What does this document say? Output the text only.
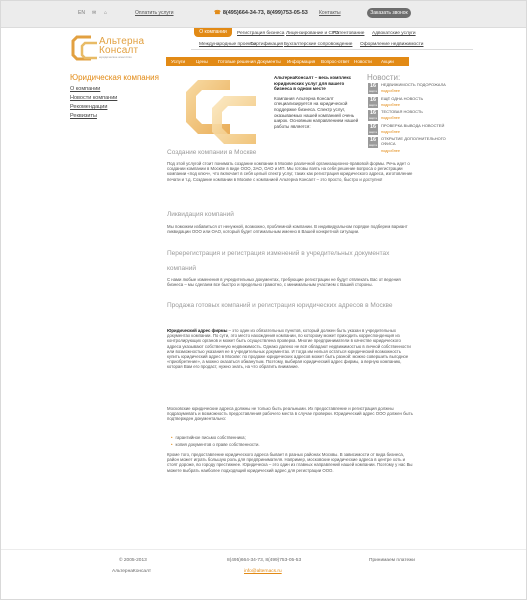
EN ✉ ⌂	Оплатить услуги	☎ 8(495)664-34-73, 8(499)753-05-53 Контакты	Заказать звонок
Альтерна
Консалт
юридическое агентство
О компании	Регистрация бизнеса Лицензирование и СРО
Патентование Адвокатские услуги
Международные проекты
Сертификация Бухгалтерские сопровождение Оформление недвижимости
Услуги Цены Готовые решения Документы Информация Вопрос-ответ Новости Акции
Юридическая компания
О компании
Новости компании
Рекомендации
Реквизиты
АльтернаКонсалт – весь комплекс юридических услуг для вашего бизнеса в одном месте
Компания Альтерна Консалт специализируется на юридической поддержке бизнеса. Спектр услуг, оказываемых нашей компанией очень широк. Основным направлением нашей работы является:
Новости:
16
марта
НЕДВИЖИМОСТЬ ПОДОРОЖАЛА
подробнее
16
марта
ЕЩЁ ОДНА НОВОСТЬ
подробнее
16
марта
ТЕСТОВАЯ НОВОСТЬ
подробнее
16
марта
ПРОВЕРКА ВЫВОДА НОВОСТЕЙ
подробнее
16
марта
ОТКРЫТИЕ ДОПОЛНИТЕЛЬНОГО ОФИСА
подробнее
Создание компании в Москве
Под этой услугой стоит понимать создание компании в Москве различной организационно-правовой формы. Речь идет о создании компании в Москве в виде ООО, ЗАО, ОАО и ИП. Мы готовы взять на себя решение вопроса о регистрации компании «под ключ», что включает в себя целый спектр услуг, таких как регистрация юридического адреса, изготовление печати и т.д. Создание компании в Москве с компанией Альтерна Консалт – это просто, быстро и доступно!
Ликвидация компаний
Мы поможем избавиться от ненужной, возможно, проблемной компании. В индивидуальном порядке подберем вариант ликвидации ООО или ОАО, который будет оптимальным именно в Вашей конкретной ситуации.
Перерегистрация и регистрация изменений в учредительных документах компаний
С нами любые изменения в учредительных документах, требующие регистрации не будут отвлекать Вас от ведения бизнеса – мы сделаем все быстро и предельно грамотно, с минимальным участием с Вашей стороны.
Продажа готовых компаний и регистрация юридических адресов в Москве
Юридический адрес фирмы – это один из обязательных пунктов, который должен быть указан в учредительных документах компании. По сути, это место нахождения компании, по которому может приходить корреспонденция из контролирующих органов и может быть осуществлена проверка. Многие предприниматели в качестве юридического адреса указывают собственную недвижимость. Однако далеко не всё обладают недвижимостью в личной собственности или возможностью указания ее в учредительных документах. И тогда им нельзя остаться юридический возможность купить юридический адрес в Москве: по продаже юридических адресов может быть разной: можно совершить выгодное «приобретение», а можно оказаться обманутым. Поэтому, выбирая юридический адрес фирмы, а верную компанию, которая Вам его продаст, нужно знать, на что обратить внимание.
Московские юридические адреса должны не только быть реальными. Их предоставление и регистрация должны подразумевать и возможность предоставления рабочего места в случае проверки. Юридический адрес ООО должен быть подтвержден документально:
• гарантийное письмо собственника;
• копия документов о праве собственности.
Кроме того, предоставление юридического адреса бывает в разных районах Москвы. В зависимости от вида бизнеса, район может играть большую роль для предпринимателя. Например, московские юридические адреса в центре хоть и стоят дороже, во городу престижнее. Юридическа – это один из главных направлений нашей компании. Поэтому у нас Вы можете выбрать наиболее подходящий юридический адрес для регистрации ООО.
© 2005-2013
АльтернаКонсалт
8(495)664-34-73, 8(499)753-05-53
info@alternacs.ru
Принимаем платежи
